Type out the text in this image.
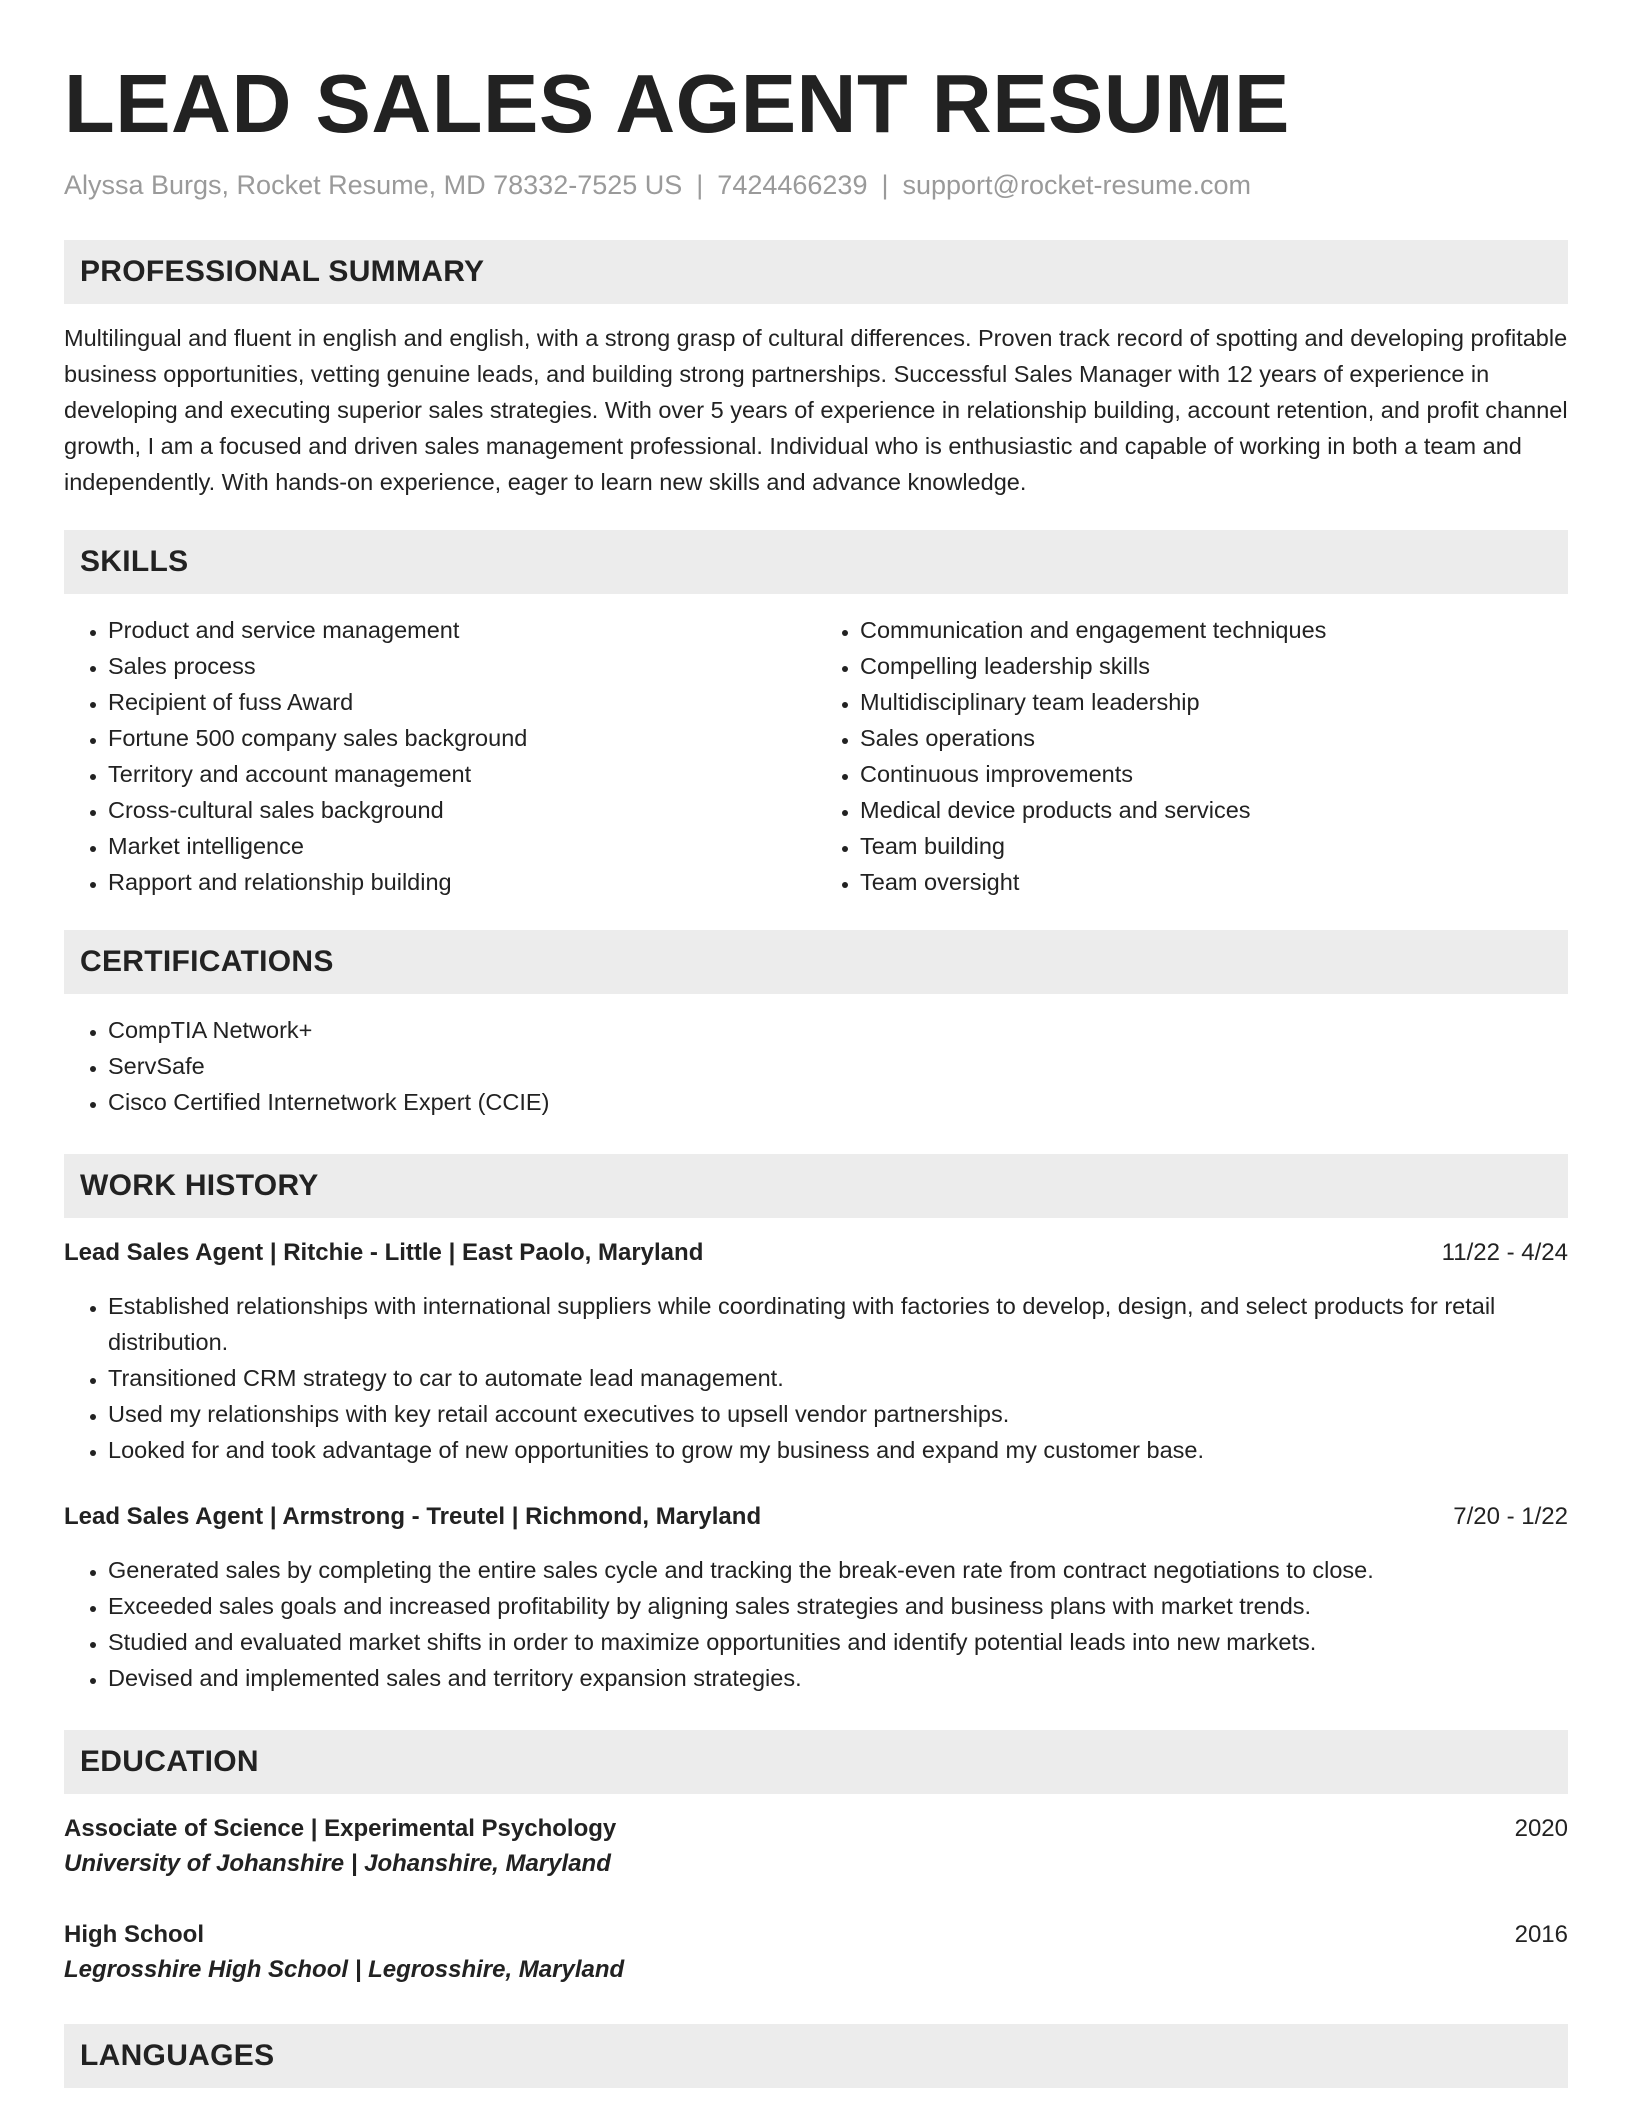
LEAD SALES AGENT RESUME
Alyssa Burgs, Rocket Resume, MD 78332-7525 US | 7424466239 | support@rocket-resume.com
PROFESSIONAL SUMMARY

Multilingual and fluent in english and english, with a strong grasp of cultural differences. Proven track record of spotting and developing profitable business opportunities, vetting genuine leads, and building strong partnerships. Successful Sales Manager with 12 years of experience in developing and executing superior sales strategies. With over 5 years of experience in relationship building, account retention, and profit channel growth, I am a focused and driven sales management professional. Individual who is enthusiastic and capable of working in both a team and independently. With hands-on experience, eager to learn new skills and advance knowledge.

SKILLS
• Product and service management
• Sales process
• Recipient of fuss Award
• Fortune 500 company sales background
• Territory and account management
• Cross-cultural sales background
• Market intelligence
• Rapport and relationship building
• Communication and engagement techniques
• Compelling leadership skills
• Multidisciplinary team leadership
• Sales operations
• Continuous improvements
• Medical device products and services
• Team building
• Team oversight
CERTIFICATIONS
• CompTIA Network+
• ServSafe
• Cisco Certified Internetwork Expert (CCIE)
WORK HISTORY
Lead Sales Agent | Ritchie - Little | East Paolo, Maryland	11/22 - 4/24
• Established relationships with international suppliers while coordinating with factories to develop, design, and select products for retail distribution.
• Transitioned CRM strategy to car to automate lead management.
• Used my relationships with key retail account executives to upsell vendor partnerships.
• Looked for and took advantage of new opportunities to grow my business and expand my customer base.
Lead Sales Agent | Armstrong - Treutel | Richmond, Maryland	7/20 - 1/22
• Generated sales by completing the entire sales cycle and tracking the break-even rate from contract negotiations to close.
• Exceeded sales goals and increased profitability by aligning sales strategies and business plans with market trends.
• Studied and evaluated market shifts in order to maximize opportunities and identify potential leads into new markets.
• Devised and implemented sales and territory expansion strategies.
EDUCATION
Associate of Science | Experimental Psychology	2020
University of Johanshire | Johanshire, Maryland
High School	2016
Legrosshire High School | Legrosshire, Maryland
LANGUAGES
